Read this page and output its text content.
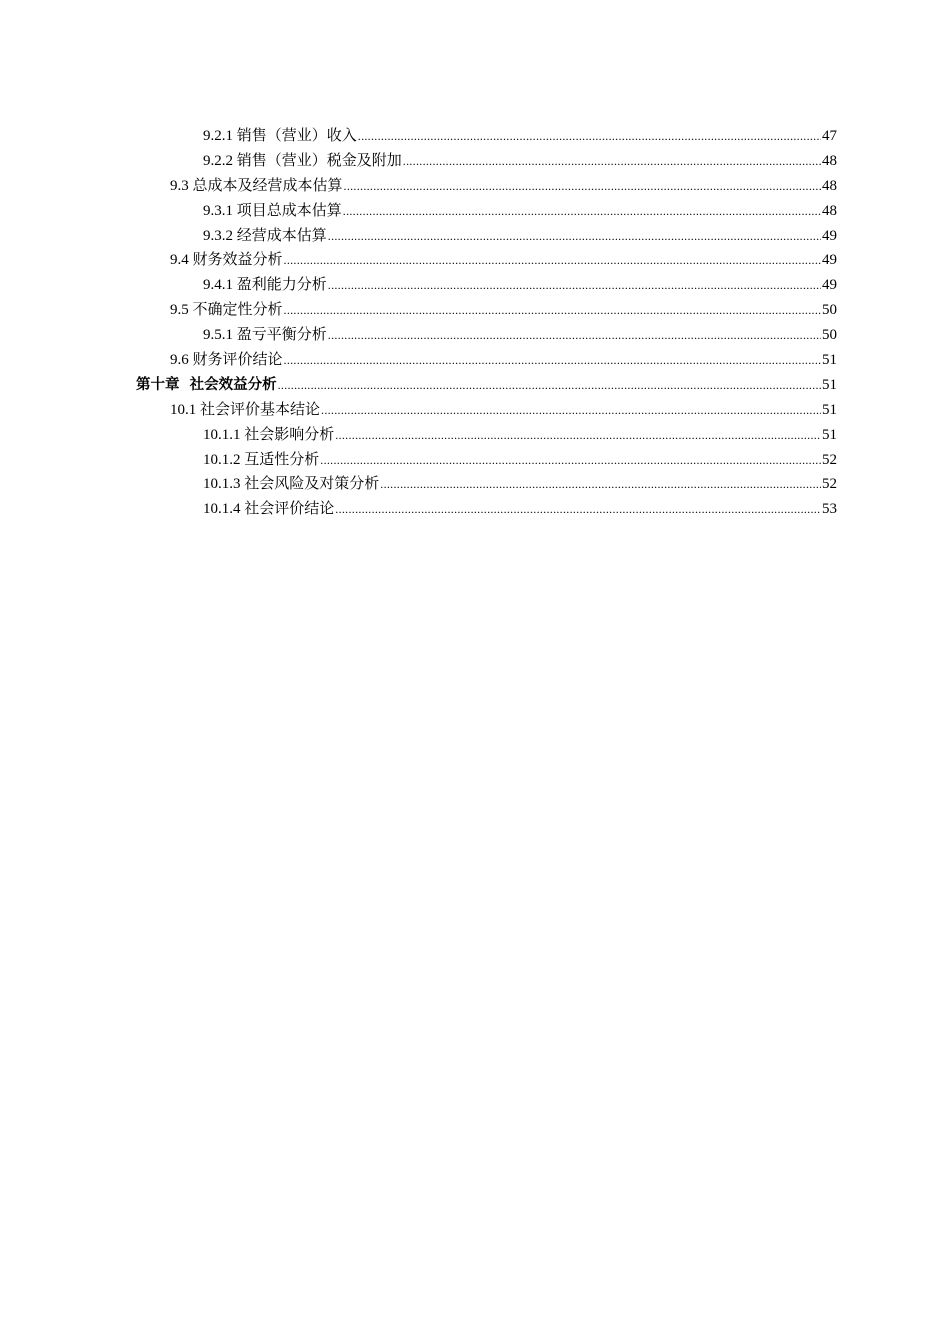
9.2.1 销售（营业）收入 .....	47
9.2.2 销售（营业）税金及附加 .....	48
9.3 总成本及经营成本估算 .....	48
9.3.1 项目总成本估算 .....	48
9.3.2 经营成本估算 .....	49
9.4 财务效益分析 .....	49
9.4.1 盈利能力分析 .....	49
9.5 不确定性分析 .....	50
9.5.1 盈亏平衡分析 .....	50
9.6 财务评价结论 .....	51
第十章 社会效益分析 .....	51
10.1 社会评价基本结论 .....	51
10.1.1 社会影响分析 .....	51
10.1.2 互适性分析 .....	52
10.1.3 社会风险及对策分析 .....	52
10.1.4 社会评价结论 .....	53
